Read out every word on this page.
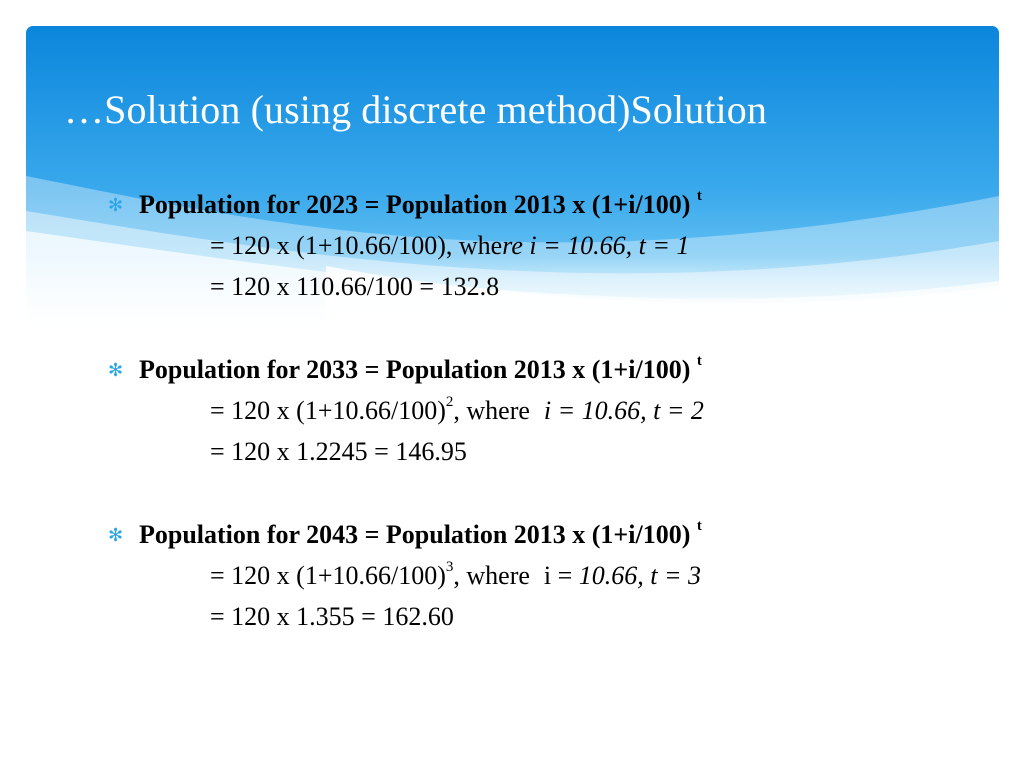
…Solution (using discrete method)Solution
✻ Population for 2023 = Population 2013 x (1+i/100) $^t$
= 120 x (1+10.66/100), where i = 10.66, t = 1
= 120 x 110.66/100 = 132.8
✻ Population for 2033 = Population 2013 x (1+i/100) $^t$
= 120 x $(1+10.66/100)^2$, where i = 10.66, t = 2
= 120 x 1.2245 = 146.95
✻ Population for 2043 = Population 2013 x (1+i/100) $^t$
= 120 x $(1+10.66/100)^3$, where i = 10.66, t = 3
= 120 x 1.355 = 162.60
